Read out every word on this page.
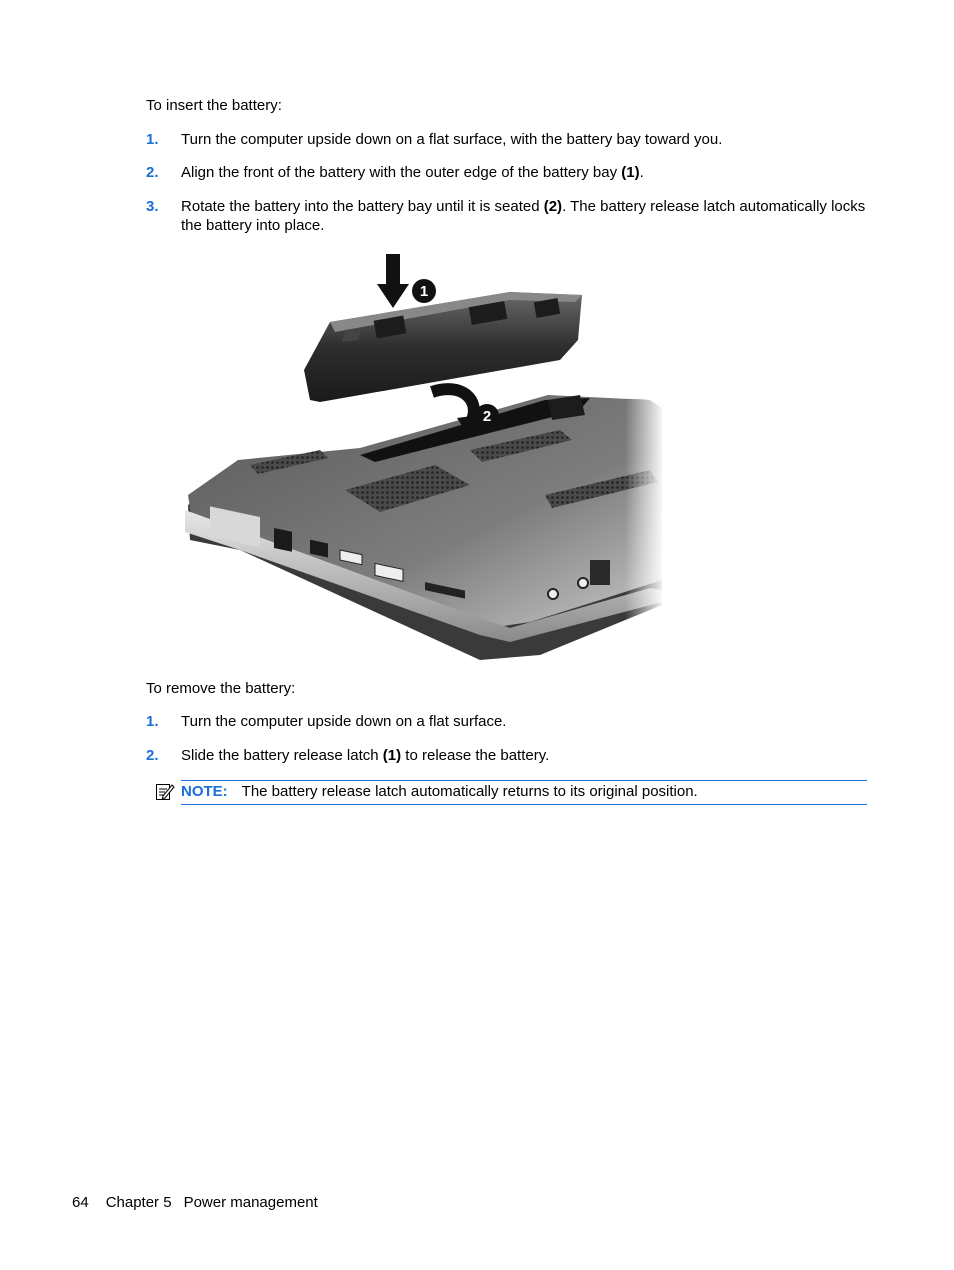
To insert the battery:

1. Turn the computer upside down on a flat surface, with the battery bay toward you.
2. Align the front of the battery with the outer edge of the battery bay (1).
3. Rotate the battery into the battery bay until it is seated (2). The battery release latch automatically locks the battery into place.
1
2

To remove the battery:

1. Turn the computer upside down on a flat surface.
2. Slide the battery release latch (1) to release the battery.
NOTE: The battery release latch automatically returns to its original position.
64 Chapter 5 Power management
